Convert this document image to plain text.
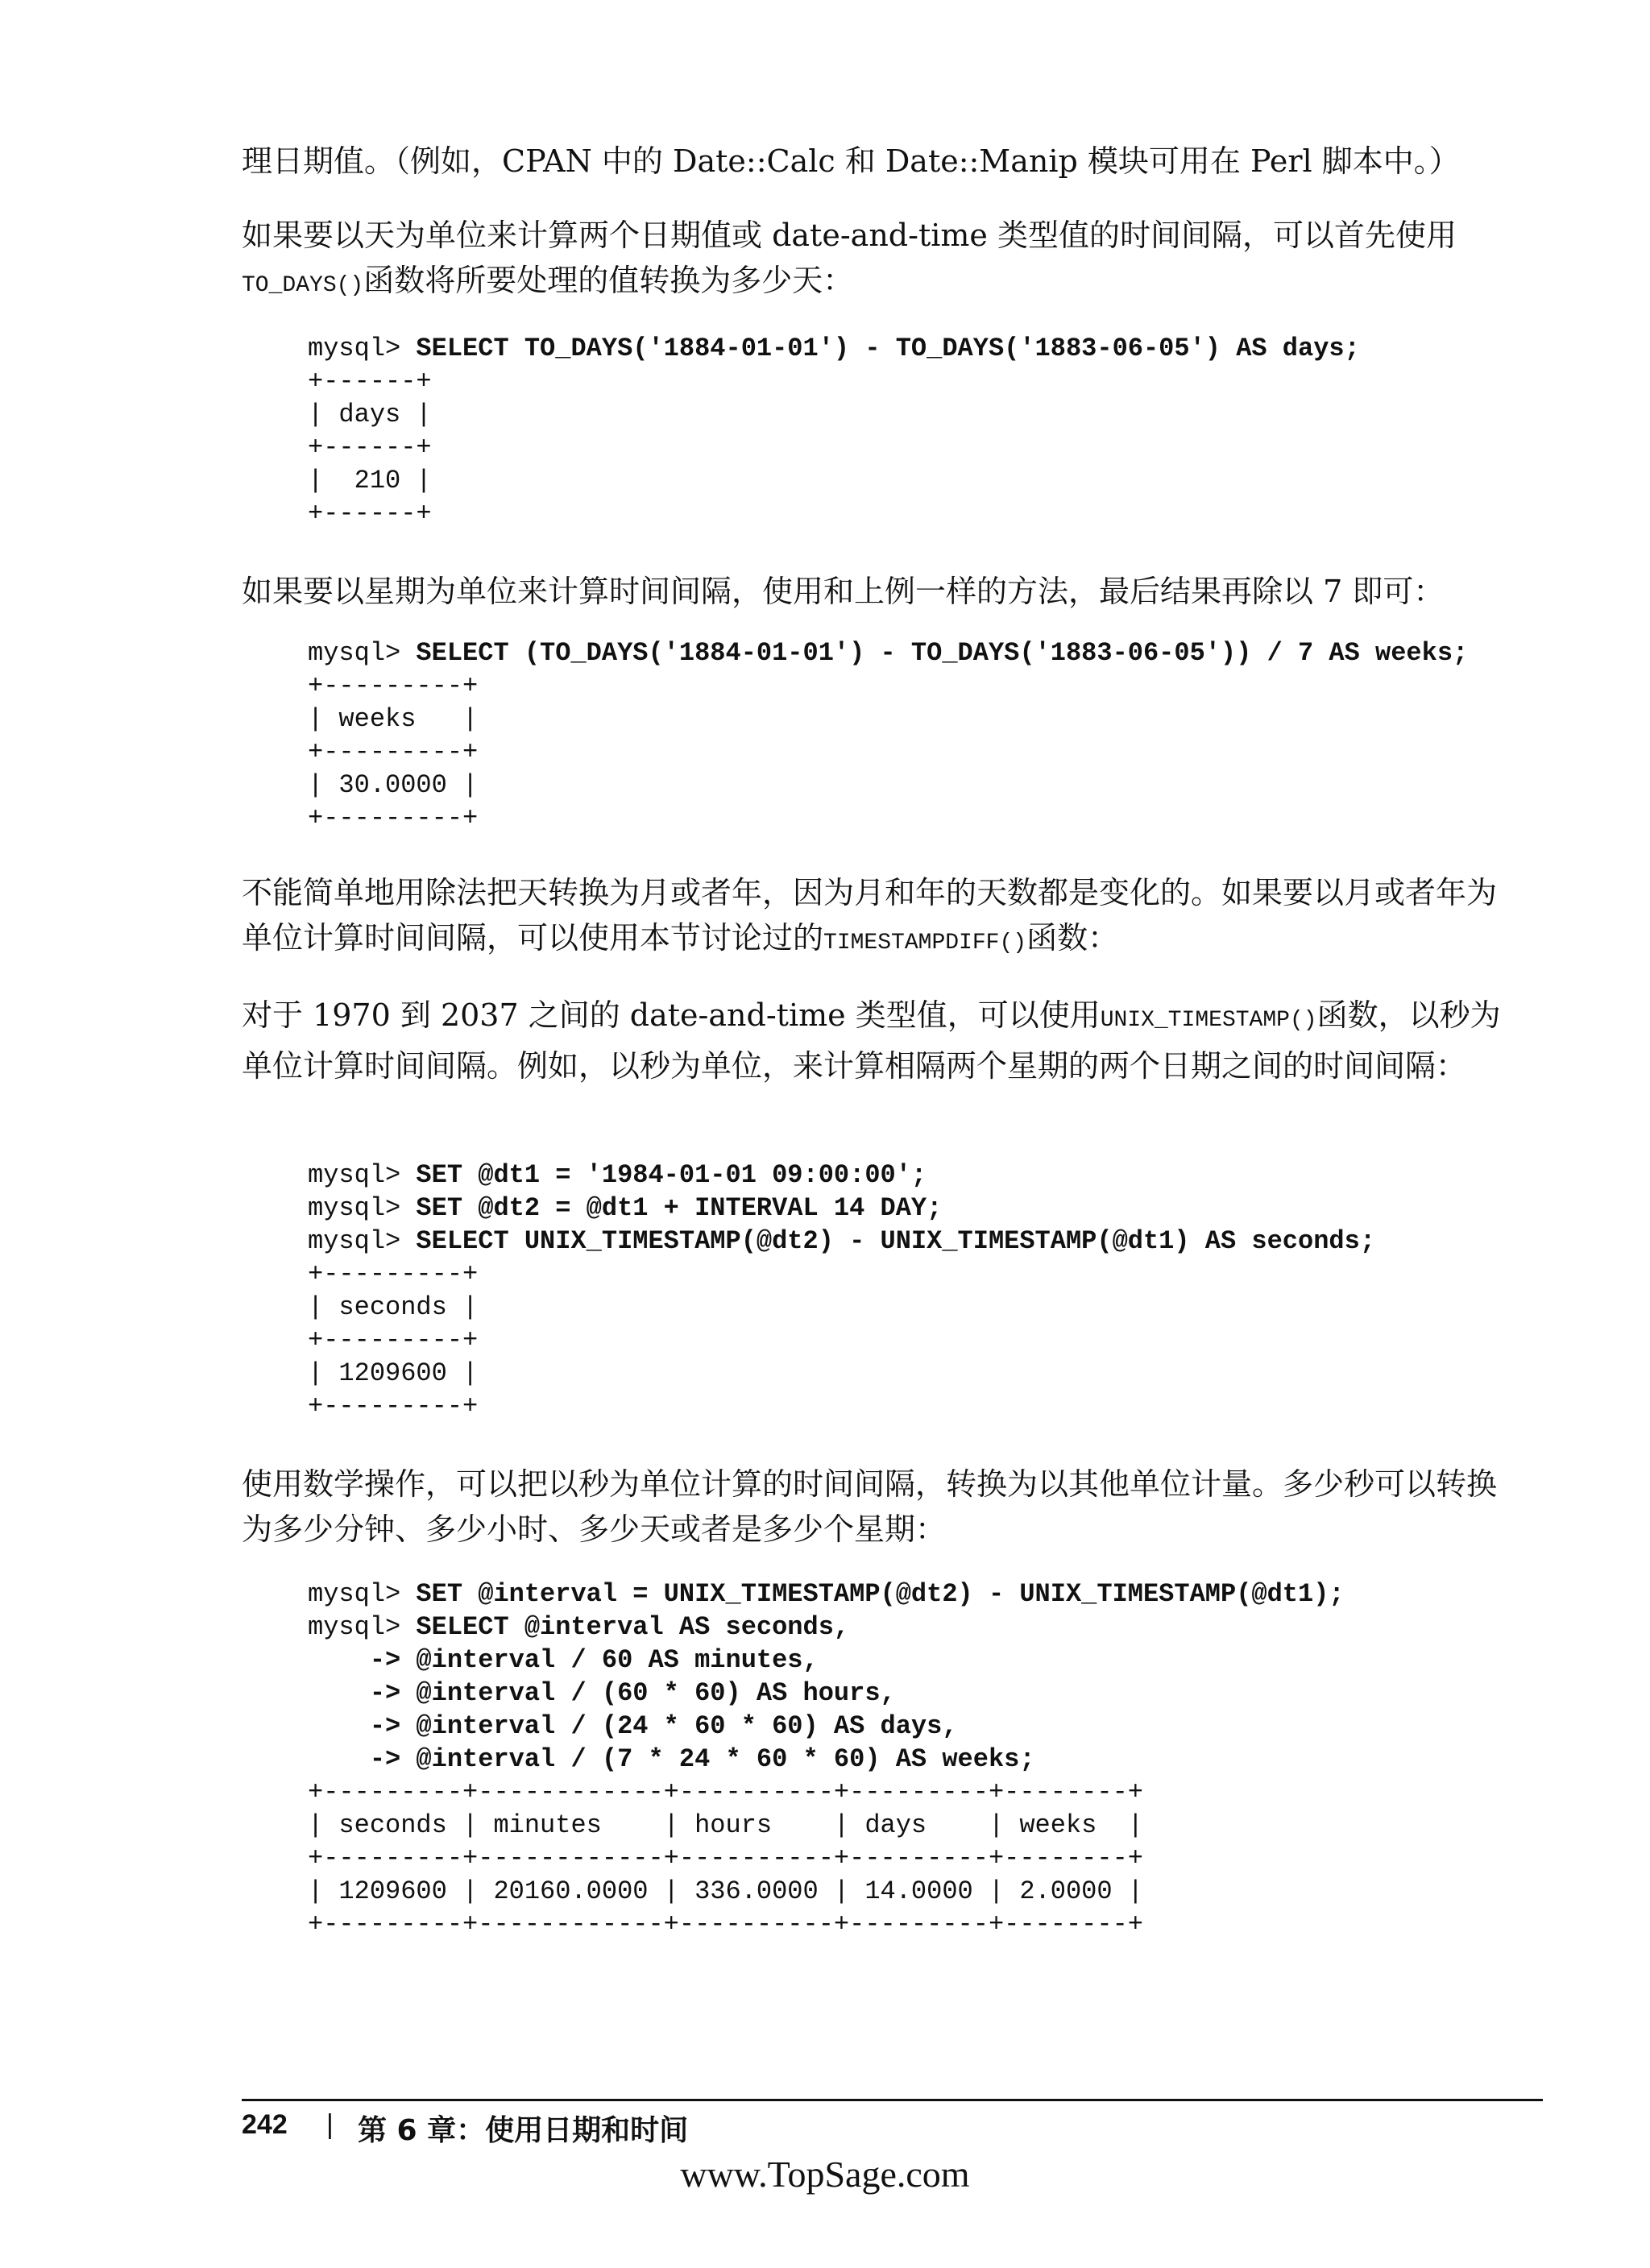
理日期值。（例如，CPAN 中的 Date::Calc 和 Date::Manip 模块可用在 Perl 脚本中。）

如果要以天为单位来计算两个日期值或 date-and-time 类型值的时间间隔，可以首先使用
TO_DAYS()函数将所要处理的值转换为多少天：

mysql> SELECT TO_DAYS('1884-01-01') - TO_DAYS('1883-06-05') AS days;

+------+
| days |
+------+
|  210 |
+------+

如果要以星期为单位来计算时间间隔，使用和上例一样的方法，最后结果再除以 7 即可：

mysql> SELECT (TO_DAYS('1884-01-01') - TO_DAYS('1883-06-05')) / 7 AS weeks;

+---------+
| weeks   |
+---------+
| 30.0000 |
+---------+

不能简单地用除法把天转换为月或者年，因为月和年的天数都是变化的。如果要以月或者年为单位计算时间间隔，可以使用本节讨论过的TIMESTAMPDIFF()函数：

对于 1970 到 2037 之间的 date-and-time 类型值，可以使用UNIX_TIMESTAMP()函数，以秒为单位计算时间间隔。例如，以秒为单位，来计算相隔两个星期的两个日期之间的时间间隔：

mysql> SET @dt1 = '1984-01-01 09:00:00';
mysql> SET @dt2 = @dt1 + INTERVAL 14 DAY;
mysql> SELECT UNIX_TIMESTAMP(@dt2) - UNIX_TIMESTAMP(@dt1) AS seconds;

+---------+
| seconds |
+---------+
| 1209600 |
+---------+

使用数学操作，可以把以秒为单位计算的时间间隔，转换为以其他单位计量。多少秒可以转换为多少分钟、多少小时、多少天或者是多少个星期：

mysql> SET @interval = UNIX_TIMESTAMP(@dt2) - UNIX_TIMESTAMP(@dt1);
mysql> SELECT @interval AS seconds,
-> @interval / 60 AS minutes,
-> @interval / (60 * 60) AS hours,
-> @interval / (24 * 60 * 60) AS days,
-> @interval / (7 * 24 * 60 * 60) AS weeks;

+---------+------------+----------+---------+--------+
| seconds | minutes    | hours    | days    | weeks  |
+---------+------------+----------+---------+--------+
| 1209600 | 20160.0000 | 336.0000 | 14.0000 | 2.0000 |
+---------+------------+----------+---------+--------+
242 | 第 6 章：使用日期和时间
www.TopSage.com
